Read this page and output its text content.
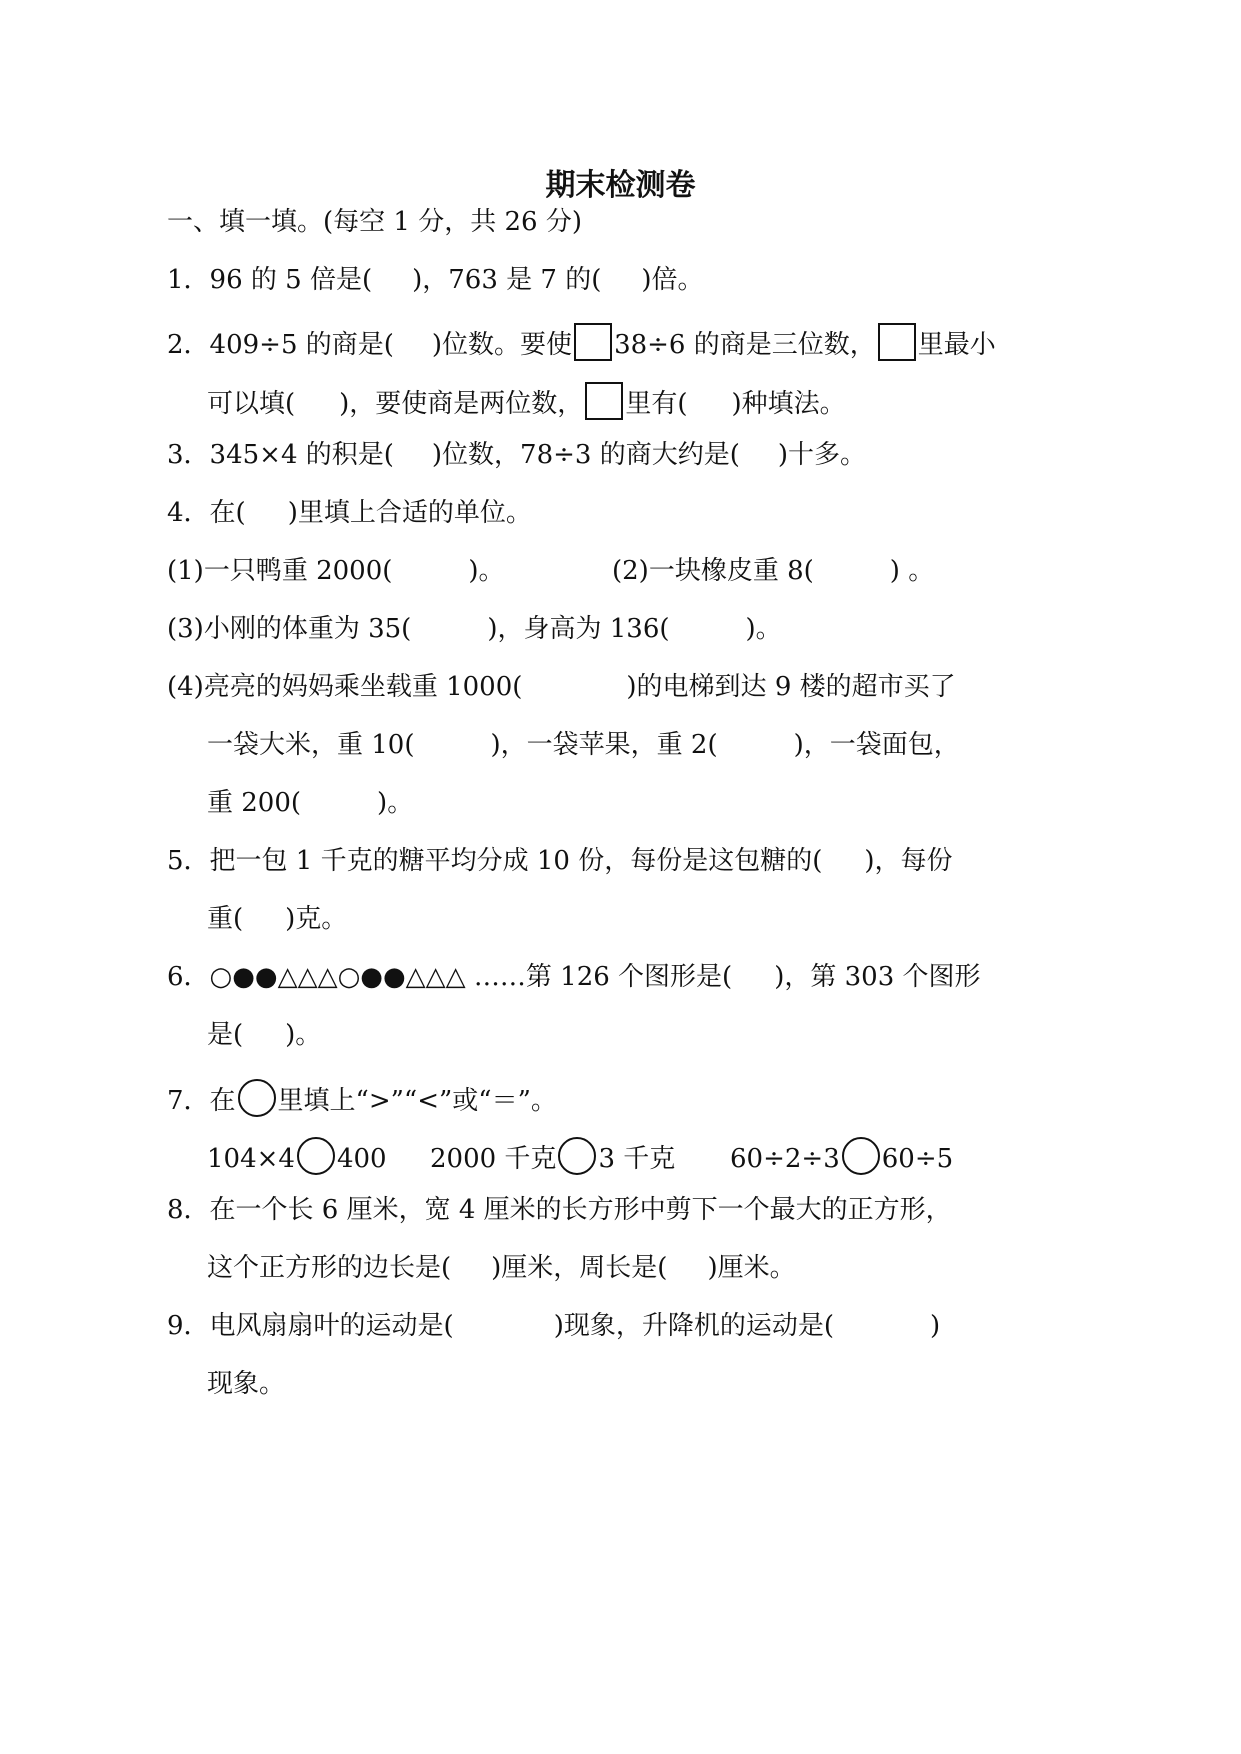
期末检测卷
一、填一填。(每空 1 分，共 26 分)
1．96 的 5 倍是( )，763 是 7 的( )倍。
2．409÷5 的商是( )位数。要使 38÷6 的商是三位数， 里最小
可以填( )，要使商是两位数， 里有( )种填法。
3．345×4 的积是( )位数，78÷3 的商大约是( )十多。
4．在( )里填上合适的单位。
(1)一只鸭重 2000(	)。	(2)一块橡皮重 8(	) 。
(3)小刚的体重为 35(	)，身高为 136(	)。
(4)亮亮的妈妈乘坐载重 1000(	)的电梯到达 9 楼的超市买了
一袋大米，重 10(	)，一袋苹果，重 2(	)，一袋面包，
重 200(	)。
5．把一包 1 千克的糖平均分成 10 份，每份是这包糖的( )，每份
重( )克。
6．○●●△△△○●●△△△ ……第 126 个图形是( )，第 303 个图形
是( )。
7．在 里填上“>”“<”或“＝”。
104×4 400 2000 千克 3 千克 60÷2÷3 60÷5
8．在一个长 6 厘米，宽 4 厘米的长方形中剪下一个最大的正方形，
这个正方形的边长是( )厘米，周长是( )厘米。
9．电风扇扇叶的运动是(	)现象，升降机的运动是(	)
现象。
